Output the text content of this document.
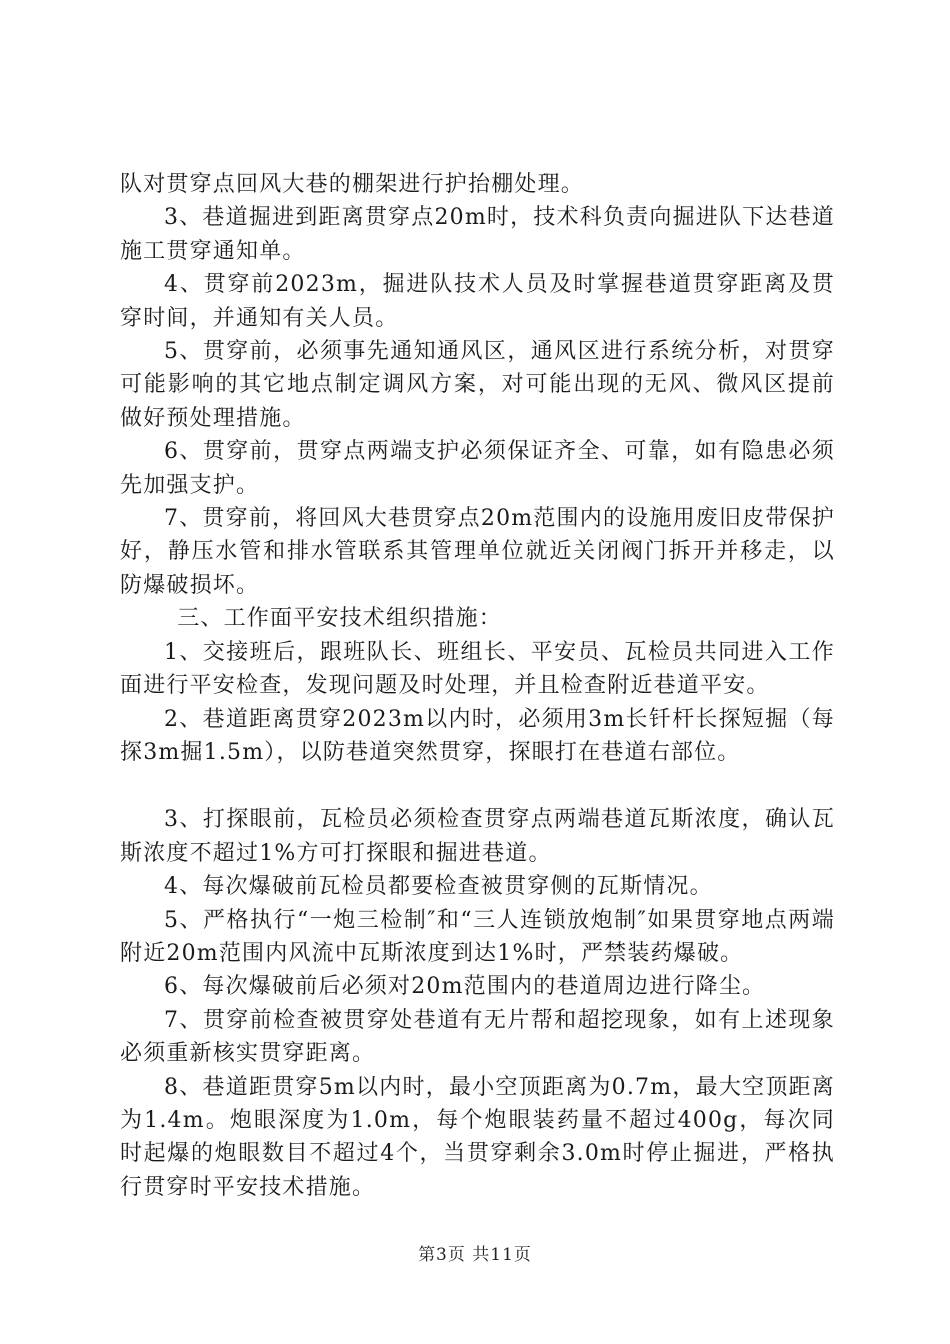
队对贯穿点回风大巷的棚架进行护抬棚处理。

3、巷道掘进到距离贯穿点20m时，技术科负责向掘进队下达巷道施工贯穿通知单。

4、贯穿前2023m，掘进队技术人员及时掌握巷道贯穿距离及贯穿时间，并通知有关人员。

5、贯穿前，必须事先通知通风区，通风区进行系统分析，对贯穿可能影响的其它地点制定调风方案，对可能出现的无风、微风区提前做好预处理措施。

6、贯穿前，贯穿点两端支护必须保证齐全、可靠，如有隐患必须先加强支护。

7、贯穿前，将回风大巷贯穿点20m范围内的设施用废旧皮带保护好，静压水管和排水管联系其管理单位就近关闭阀门拆开并移走，以防爆破损坏。

三、工作面平安技术组织措施：

1、交接班后，跟班队长、班组长、平安员、瓦检员共同进入工作面进行平安检查，发现问题及时处理，并且检查附近巷道平安。

2、巷道距离贯穿2023m以内时，必须用3m长钎杆长探短掘（每探3m掘1.5m），以防巷道突然贯穿，探眼打在巷道右部位。

3、打探眼前，瓦检员必须检查贯穿点两端巷道瓦斯浓度，确认瓦斯浓度不超过1%方可打探眼和掘进巷道。

4、每次爆破前瓦检员都要检查被贯穿侧的瓦斯情况。

5、严格执行“一炮三检制″和“三人连锁放炮制″如果贯穿地点两端附近20m范围内风流中瓦斯浓度到达1%时，严禁装药爆破。

6、每次爆破前后必须对20m范围内的巷道周边进行降尘。

7、贯穿前检查被贯穿处巷道有无片帮和超挖现象，如有上述现象必须重新核实贯穿距离。

8、巷道距贯穿5m以内时，最小空顶距离为0.7m，最大空顶距离为1.4m。炮眼深度为1.0m，每个炮眼装药量不超过400g，每次同时起爆的炮眼数目不超过4个，当贯穿剩余3.0m时停止掘进，严格执行贯穿时平安技术措施。

第3页 共11页
